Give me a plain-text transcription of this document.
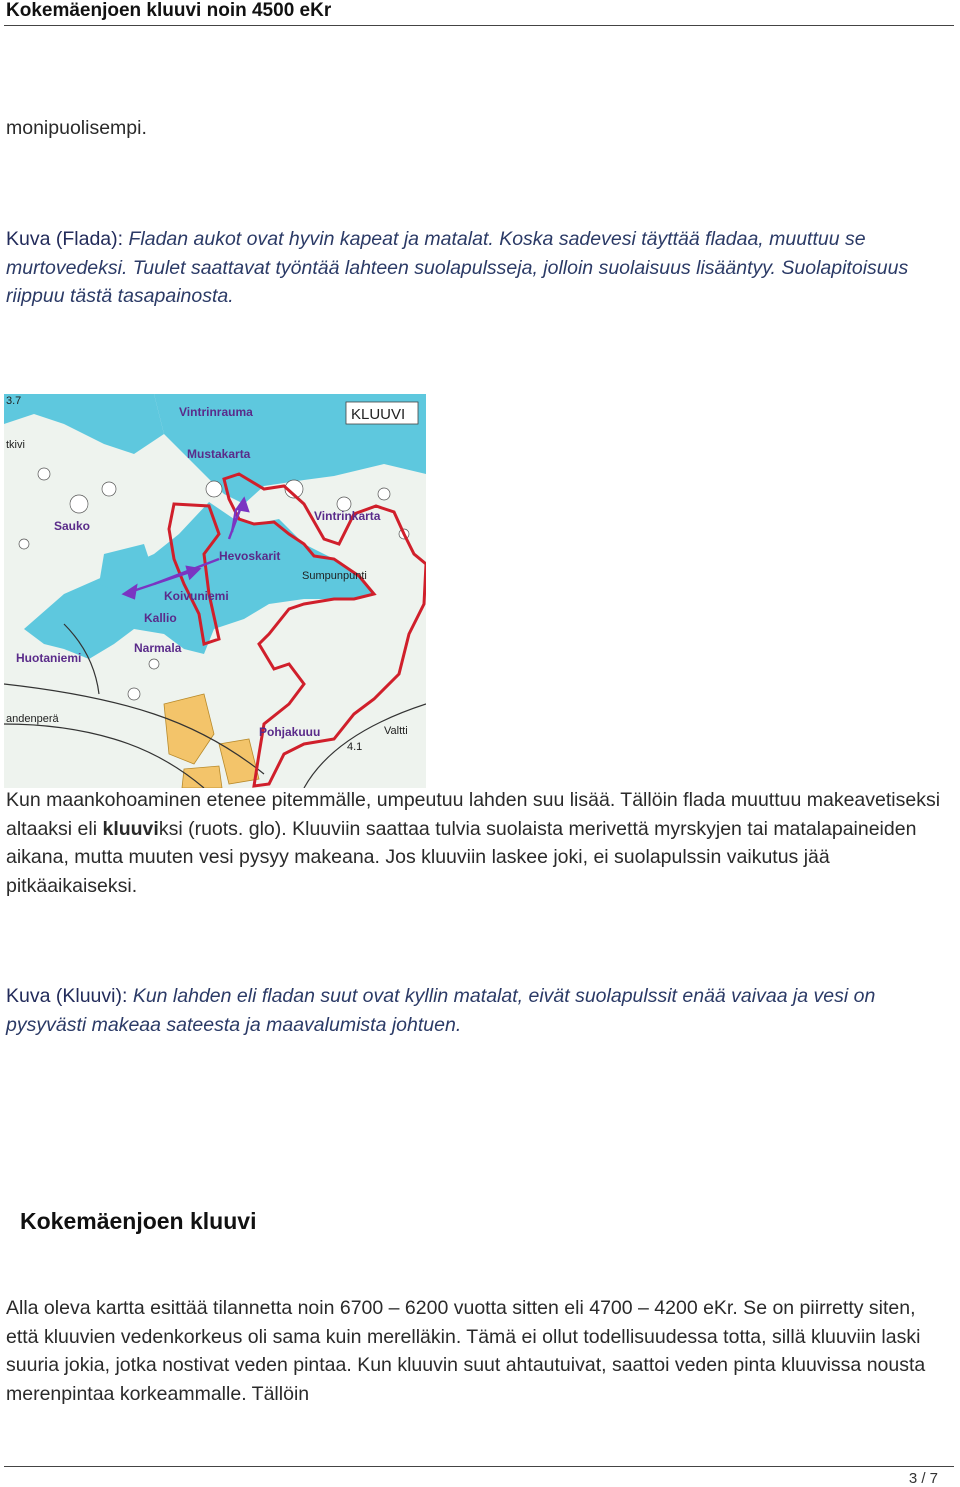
Kokemäenjoen kluuvi noin 4500 eKr
monipuolisempi.
Kuva (Flada): Fladan aukot ovat hyvin kapeat ja matalat. Koska sadevesi täyttää fladaa, muuttuu se murtovedeksi. Tuulet saattavat työntää lahteen suolapulsseja, jolloin suolaisuus lisääntyy. Suolapitoisuus riippuu tästä tasapainosta.
KLUUVI
Vintrinrauma
Mustakarta
Vintrinkarta
Sauko
Hevoskarit
Sumpunpunti
Koivuniemi
Kallio
Narmala
Huotaniemi
andenperä
Pohjakuuu	Valtti
tkivi
3.7
4.1
Kun maankohoaminen etenee pitemmälle, umpeutuu lahden suu lisää. Tällöin flada muuttuu makeavetiseksi altaaksi eli kluuviksi (ruots. glo). Kluuviin saattaa tulvia suolaista merivettä myrskyjen tai matalapaineiden aikana, mutta muuten vesi pysyy makeana. Jos kluuviin laskee joki, ei suolapulssin vaikutus jää pitkäaikaiseksi.
Kuva (Kluuvi): Kun lahden eli fladan suut ovat kyllin matalat, eivät suolapulssit enää vaivaa ja vesi on pysyvästi makeaa sateesta ja maavalumista johtuen.
Kokemäenjoen kluuvi
Alla oleva kartta esittää tilannetta noin 6700 – 6200 vuotta sitten eli 4700 – 4200 eKr. Se on piirretty siten, että kluuvien vedenkorkeus oli sama kuin merelläkin. Tämä ei ollut todellisuudessa totta, sillä kluuviin laski suuria jokia, jotka nostivat veden pintaa. Kun kluuvin suut ahtautuivat, saattoi veden pinta kluuvissa nousta merenpintaa korkeammalle. Tällöin
3 / 7
